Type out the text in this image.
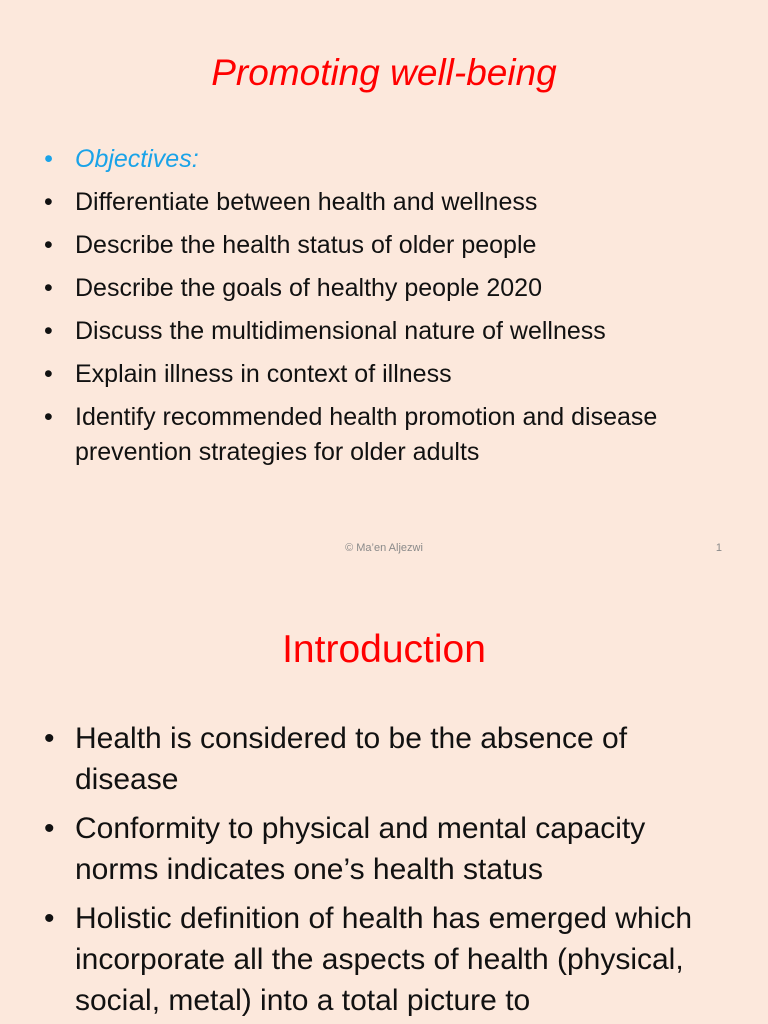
Promoting well-being
• Objectives:
• Differentiate between health and wellness
• Describe the health status of older people
• Describe the goals of healthy people 2020
• Discuss the multidimensional nature of wellness
• Explain illness in context of illness
• Identify recommended health promotion and disease prevention strategies for older adults
© Ma’en Aljezwi	1
Introduction
• Health is considered to be the absence of disease
• Conformity to physical and mental capacity norms indicates one’s health status
• Holistic definition of health has emerged which incorporate all the aspects of health (physical, social, metal) into a total picture to
